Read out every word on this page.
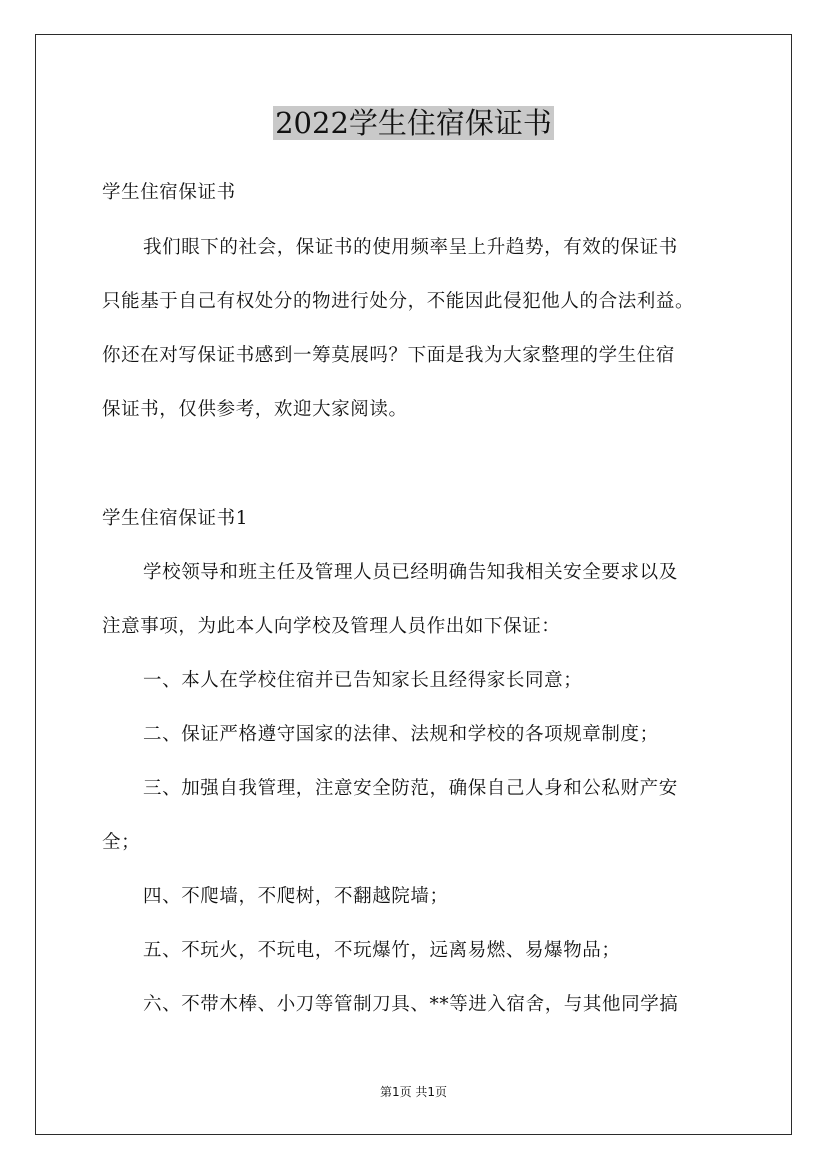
2022学生住宿保证书
学生住宿保证书
我们眼下的社会，保证书的使用频率呈上升趋势，有效的保证书
只能基于自己有权处分的物进行处分，不能因此侵犯他人的合法利益。
你还在对写保证书感到一筹莫展吗？下面是我为大家整理的学生住宿
保证书，仅供参考，欢迎大家阅读。
学生住宿保证书1
学校领导和班主任及管理人员已经明确告知我相关安全要求以及
注意事项，为此本人向学校及管理人员作出如下保证：
一、本人在学校住宿并已告知家长且经得家长同意；
二、保证严格遵守国家的法律、法规和学校的各项规章制度；
三、加强自我管理，注意安全防范，确保自己人身和公私财产安
全；
四、不爬墙，不爬树，不翻越院墙；
五、不玩火，不玩电，不玩爆竹，远离易燃、易爆物品；
六、不带木棒、小刀等管制刀具、**等进入宿舍，与其他同学搞
第1页 共1页
